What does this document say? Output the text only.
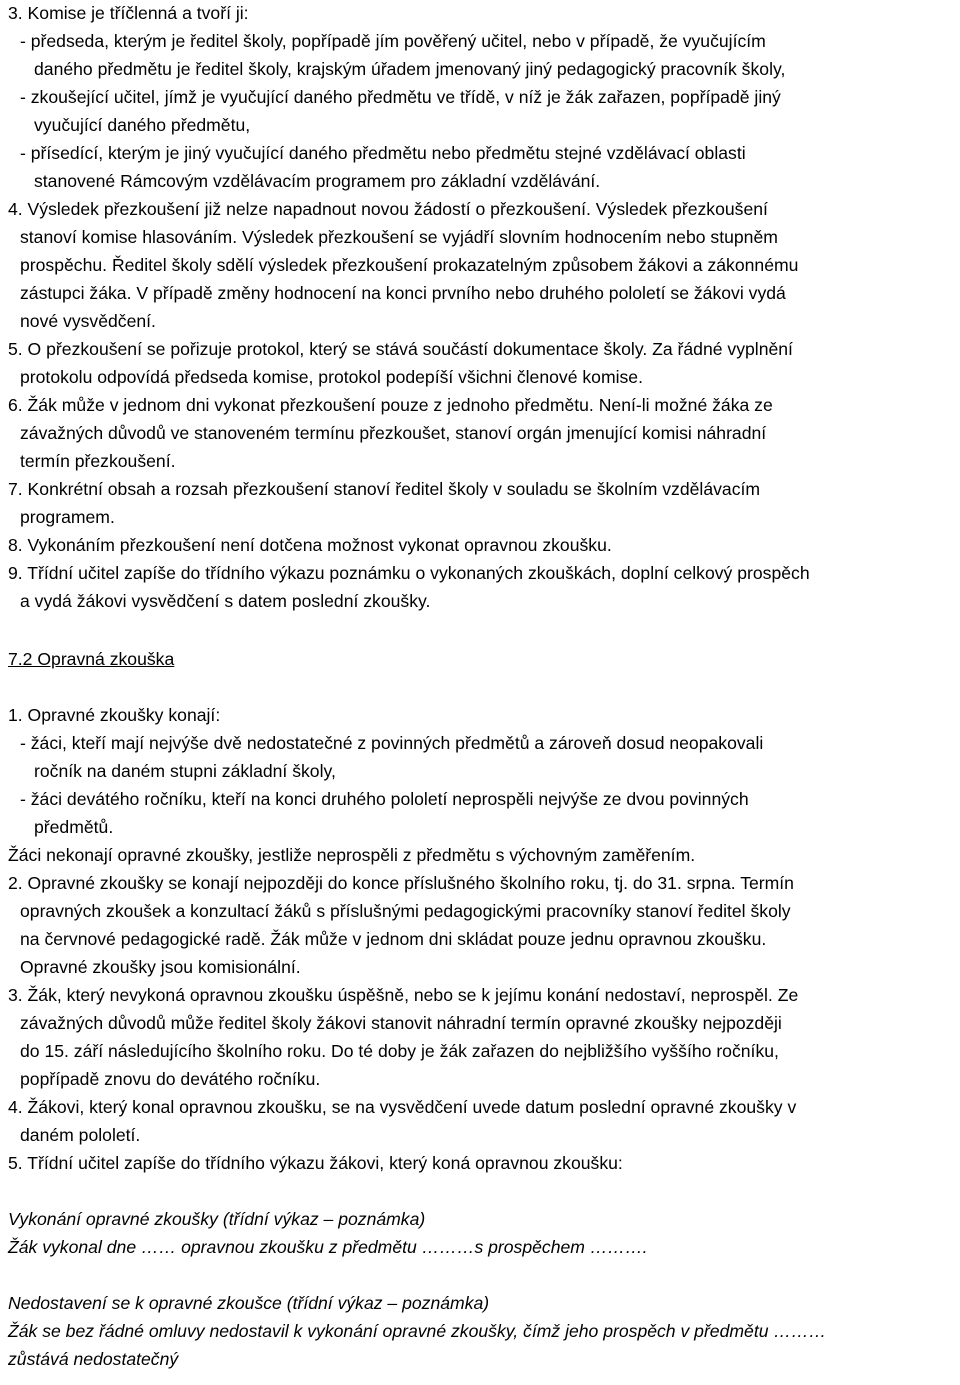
3. Komise je tříčlenná a tvoří ji:
- předseda, kterým je ředitel školy, popřípadě jím pověřený učitel, nebo v případě, že vyučujícím
daného předmětu je ředitel školy, krajským úřadem jmenovaný jiný pedagogický pracovník školy,
- zkoušející učitel, jímž je vyučující daného předmětu ve třídě, v níž je žák zařazen, popřípadě jiný
vyučující daného předmětu,
- přísedící, kterým je jiný vyučující daného předmětu nebo předmětu stejné vzdělávací oblasti
stanovené Rámcovým vzdělávacím programem pro základní vzdělávání.
4. Výsledek přezkoušení již nelze napadnout novou žádostí o přezkoušení. Výsledek přezkoušení
stanoví komise hlasováním. Výsledek přezkoušení se vyjádří slovním hodnocením nebo stupněm
prospěchu. Ředitel školy sdělí výsledek přezkoušení prokazatelným způsobem žákovi a zákonnému
zástupci žáka. V případě změny hodnocení na konci prvního nebo druhého pololetí se žákovi vydá
nové vysvědčení.
5. O přezkoušení se pořizuje protokol, který se stává součástí dokumentace školy. Za řádné vyplnění
protokolu odpovídá předseda komise, protokol podepíší všichni členové komise.
6. Žák může v jednom dni vykonat přezkoušení pouze z jednoho předmětu. Není-li možné žáka ze
závažných důvodů ve stanoveném termínu přezkoušet, stanoví orgán jmenující komisi náhradní
termín přezkoušení.
7. Konkrétní obsah a rozsah přezkoušení stanoví ředitel školy v souladu se školním vzdělávacím
programem.
8. Vykonáním přezkoušení není dotčena možnost vykonat opravnou zkoušku.
9. Třídní učitel zapíše do třídního výkazu poznámku o vykonaných zkouškách, doplní celkový prospěch
a vydá žákovi vysvědčení s datem poslední zkoušky.
7.2 Opravná zkouška
1. Opravné zkoušky konají:
- žáci, kteří mají nejvýše dvě nedostatečné z povinných předmětů a zároveň dosud neopakovali
ročník na daném stupni základní školy,
- žáci devátého ročníku, kteří na konci druhého pololetí neprospěli nejvýše ze dvou povinných
předmětů.
Žáci nekonají opravné zkoušky, jestliže neprospěli z předmětu s výchovným zaměřením.
2. Opravné zkoušky se konají nejpozději do konce příslušného školního roku, tj. do 31. srpna. Termín
opravných zkoušek a konzultací žáků s příslušnými pedagogickými pracovníky stanoví ředitel školy
na červnové pedagogické radě. Žák může v jednom dni skládat pouze jednu opravnou zkoušku.
Opravné zkoušky jsou komisionální.
3. Žák, který nevykoná opravnou zkoušku úspěšně, nebo se k jejímu konání nedostaví, neprospěl. Ze
závažných důvodů může ředitel školy žákovi stanovit náhradní termín opravné zkoušky nejpozději
do 15. září následujícího školního roku. Do té doby je žák zařazen do nejbližšího vyššího ročníku,
popřípadě znovu do devátého ročníku.
4. Žákovi, který konal opravnou zkoušku, se na vysvědčení uvede datum poslední opravné zkoušky v
daném pololetí.
5. Třídní učitel zapíše do třídního výkazu žákovi, který koná opravnou zkoušku:
Vykonání opravné zkoušky (třídní výkaz – poznámka)
Žák vykonal dne …… opravnou zkoušku z předmětu ………s prospěchem ……….
Nedostavení se k opravné zkoušce (třídní výkaz – poznámka)
Žák se bez řádné omluvy nedostavil k vykonání opravné zkoušky, čímž jeho prospěch v předmětu ………
zůstává nedostatečný
